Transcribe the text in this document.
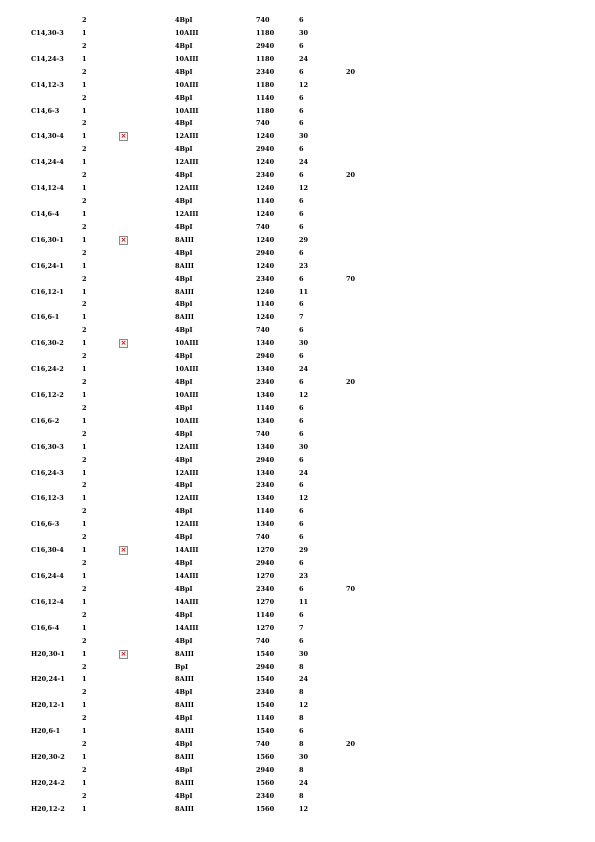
2	4ВрI	740	6
C14,30-3	1	10АIII	1180	30
2	4ВрI	2940	6
C14,24-3	1	10АIII	1180	24
2	4ВрI	2340	6	20
C14,12-3	1	10АIII	1180	12
2	4ВрI	1140	6
C14,6-3	1	10АIII	1180	6
2	4ВрI	740	6
C14,30-4	1	12АIII	1240	30
×
2	4ВрI	2940	6
C14,24-4	1	12АIII	1240	24
2	4ВрI	2340	6	20
C14,12-4	1	12АIII	1240	12
2	4ВрI	1140	6
C14,6-4	1	12АIII	1240	6
2	4ВрI	740	6
C16,30-1	1	8АIII	1240	29
×
2	4ВрI	2940	6
C16,24-1	1	8АIII	1240	23
2	4ВрI	2340	6	70
C16,12-1	1	8АIII	1240	11
2	4ВрI	1140	6
C16,6-1	1	8АIII	1240	7
2	4ВрI	740	6
C16,30-2	1	10АIII	1340	30
×
2	4ВрI	2940	6
C16,24-2	1	10АIII	1340	24
2	4ВрI	2340	6	20
C16,12-2	1	10АIII	1340	12
2	4ВрI	1140	6
C16,6-2	1	10АIII	1340	6
2	4ВрI	740	6
C16,30-3	1	12АIII	1340	30
2	4ВрI	2940	6
C16,24-3	1	12АIII	1340	24
2	4ВрI	2340	6
C16,12-3	1	12АIII	1340	12
2	4ВрI	1140	6
C16,6-3	1	12АIII	1340	6
2	4ВрI	740	6
C16,30-4	1	14АIII	1270	29
×
2	4ВрI	2940	6
C16,24-4	1	14АIII	1270	23
2	4ВрI	2340	6	70
C16,12-4	1	14АIII	1270	11
2	4ВрI	1140	6
C16,6-4	1	14АIII	1270	7
2	4ВрI	740	6
H20,30-1	1	8АIII	1540	30
×
2	ВрI	2940	8
H20,24-1	1	8АIII	1540	24
2	4ВрI	2340	8
H20,12-1	1	8АIII	1540	12
2	4ВрI	1140	8
H20,6-1	1	8АIII	1540	6
2	4ВрI	740	8	20
H20,30-2	1	8АIII	1560	30
2	4ВрI	2940	8
H20,24-2	1	8АIII	1560	24
2	4ВрI	2340	8
H20,12-2	1	8АIII	1560	12
